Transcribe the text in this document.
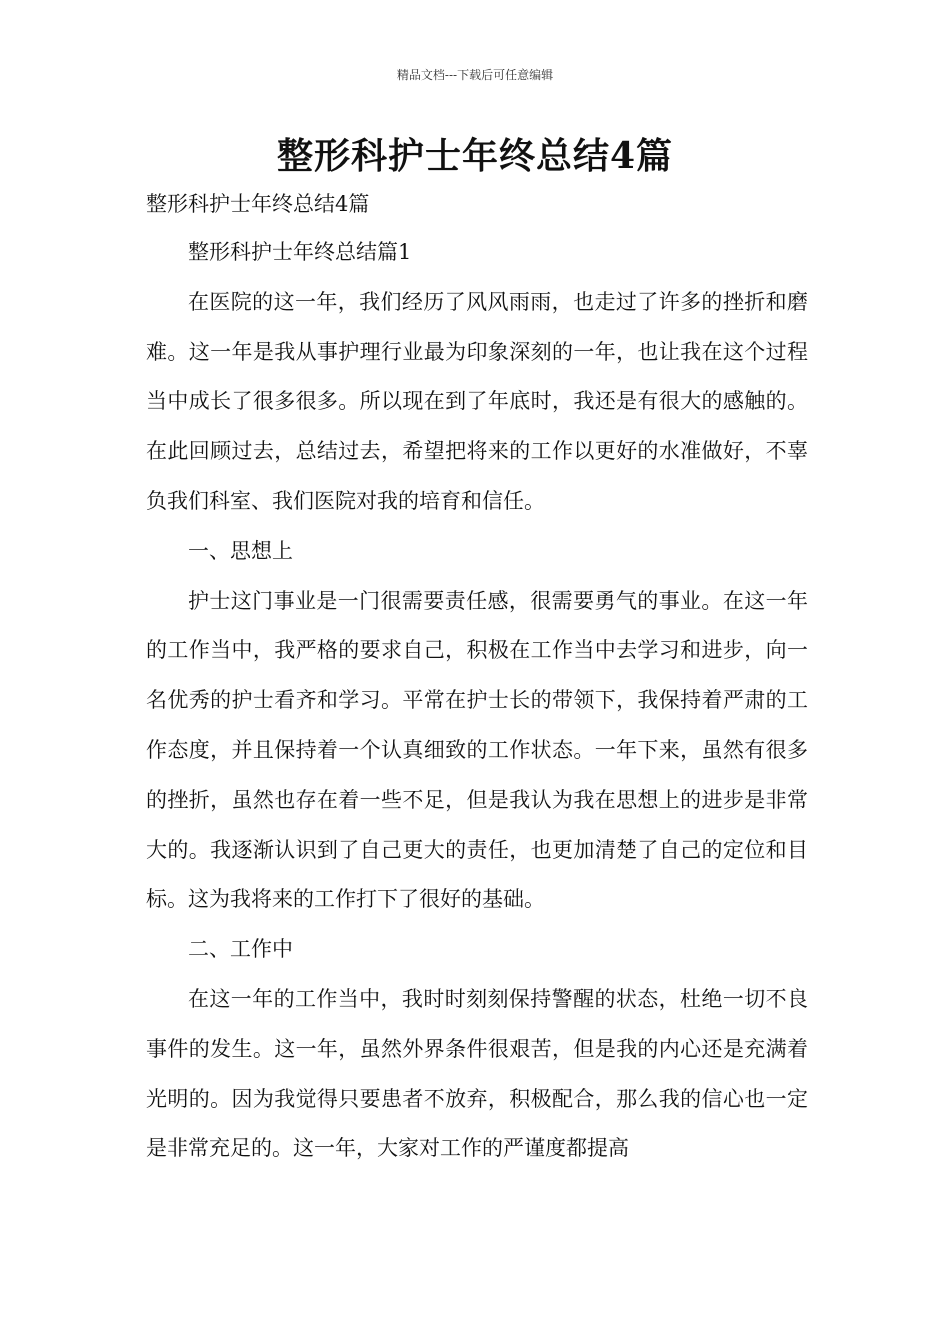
精品文档---下载后可任意编辑
整形科护士年终总结4篇
整形科护士年终总结4篇

整形科护士年终总结篇1

在医院的这一年，我们经历了风风雨雨，也走过了许多的挫折和磨难。这一年是我从事护理行业最为印象深刻的一年，也让我在这个过程当中成长了很多很多。所以现在到了年底时，我还是有很大的感触的。在此回顾过去，总结过去，希望把将来的工作以更好的水准做好，不辜负我们科室、我们医院对我的培育和信任。

一、思想上

护士这门事业是一门很需要责任感，很需要勇气的事业。在这一年的工作当中，我严格的要求自己，积极在工作当中去学习和进步，向一名优秀的护士看齐和学习。平常在护士长的带领下，我保持着严肃的工作态度，并且保持着一个认真细致的工作状态。一年下来，虽然有很多的挫折，虽然也存在着一些不足，但是我认为我在思想上的进步是非常大的。我逐渐认识到了自己更大的责任，也更加清楚了自己的定位和目标。这为我将来的工作打下了很好的基础。

二、工作中

在这一年的工作当中，我时时刻刻保持警醒的状态，杜绝一切不良事件的发生。这一年，虽然外界条件很艰苦，但是我的内心还是充满着光明的。因为我觉得只要患者不放弃，积极配合，那么我的信心也一定是非常充足的。这一年，大家对工作的严谨度都提高
